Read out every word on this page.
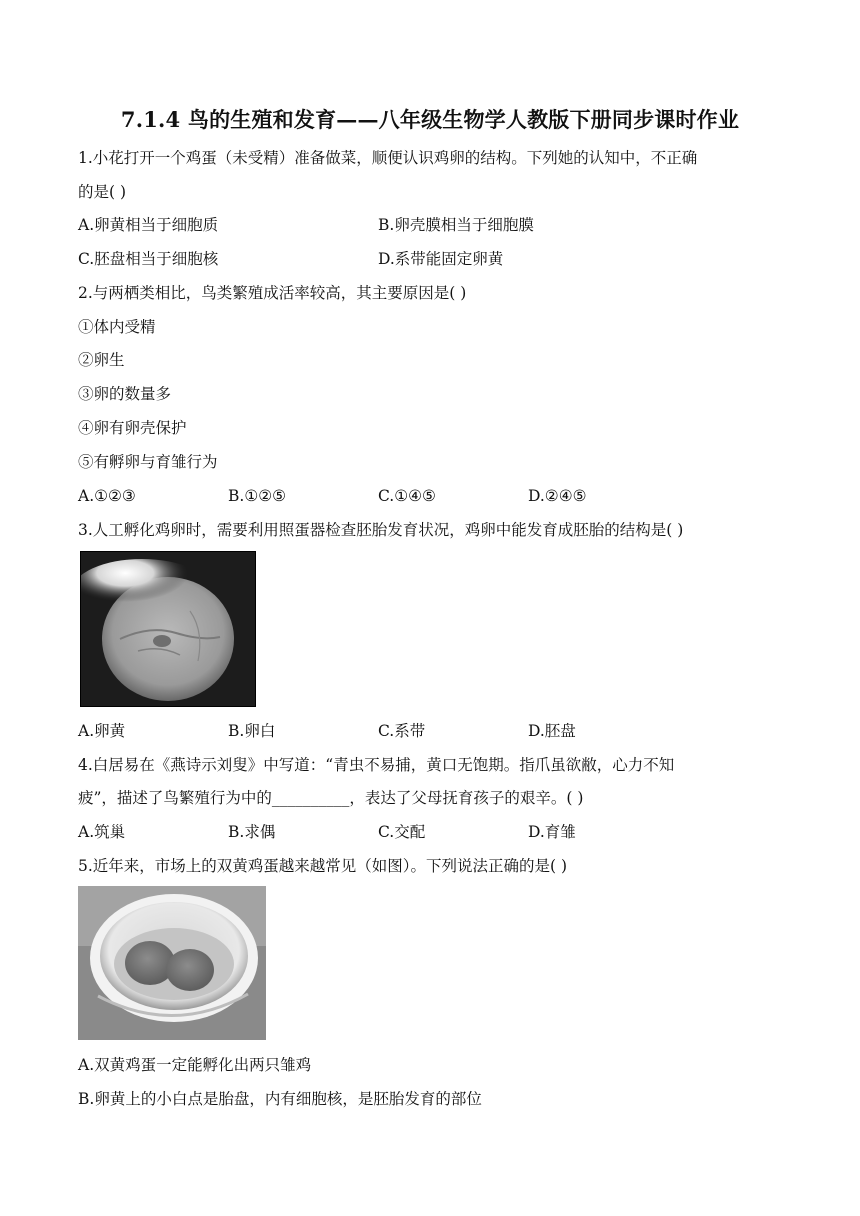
7.1.4 鸟的生殖和发育——八年级生物学人教版下册同步课时作业
1.小花打开一个鸡蛋（未受精）准备做菜，顺便认识鸡卵的结构。下列她的认知中，不正确
的是( )
A.卵黄相当于细胞质	B.卵壳膜相当于细胞膜
C.胚盘相当于细胞核	D.系带能固定卵黄
2.与两栖类相比，鸟类繁殖成活率较高，其主要原因是( )
①体内受精
②卵生
③卵的数量多
④卵有卵壳保护
⑤有孵卵与育雏行为
A.①②③	B.①②⑤	C.①④⑤	D.②④⑤
3.人工孵化鸡卵时，需要利用照蛋器检查胚胎发育状况，鸡卵中能发育成胚胎的结构是( )
A.卵黄	B.卵白	C.系带	D.胚盘
4.白居易在《燕诗示刘叟》中写道：“青虫不易捕，黄口无饱期。指爪虽欲敝，心力不知
疲”，描述了鸟繁殖行为中的__________，表达了父母抚育孩子的艰辛。( )
A.筑巢	B.求偶	C.交配	D.育雏
5.近年来，市场上的双黄鸡蛋越来越常见（如图）。下列说法正确的是( )
A.双黄鸡蛋一定能孵化出两只雏鸡
B.卵黄上的小白点是胎盘，内有细胞核，是胚胎发育的部位
